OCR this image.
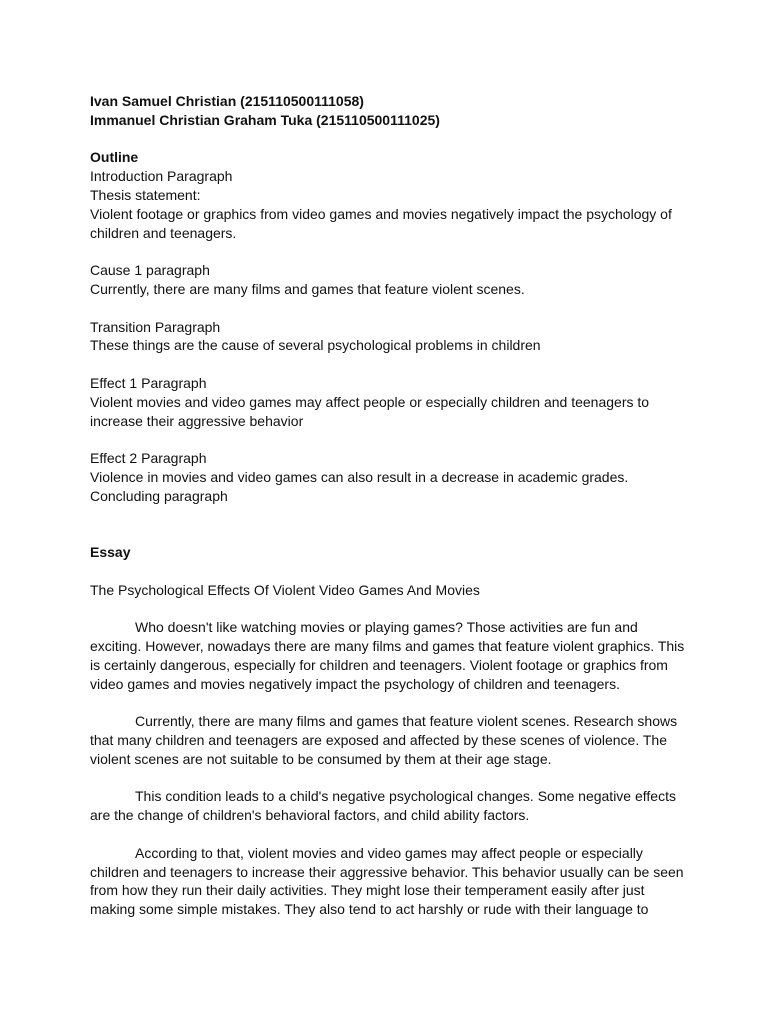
Ivan Samuel Christian (215110500111058)
Immanuel Christian Graham Tuka (215110500111025)
Outline
Introduction Paragraph
Thesis statement:
Violent footage or graphics from video games and movies negatively impact the psychology of
children and teenagers.
Cause 1 paragraph
Currently, there are many films and games that feature violent scenes.
Transition Paragraph
These things are the cause of several psychological problems in children
Effect 1 Paragraph
Violent movies and video games may affect people or especially children and teenagers to
increase their aggressive behavior
Effect 2 Paragraph
Violence in movies and video games can also result in a decrease in academic grades.
Concluding paragraph
Essay
The Psychological Effects Of Violent Video Games And Movies
Who doesn't like watching movies or playing games? Those activities are fun and
exciting. However, nowadays there are many films and games that feature violent graphics. This
is certainly dangerous, especially for children and teenagers. Violent footage or graphics from
video games and movies negatively impact the psychology of children and teenagers.
Currently, there are many films and games that feature violent scenes. Research shows
that many children and teenagers are exposed and affected by these scenes of violence. The
violent scenes are not suitable to be consumed by them at their age stage.
This condition leads to a child's negative psychological changes. Some negative effects
are the change of children's behavioral factors, and child ability factors.
According to that, violent movies and video games may affect people or especially
children and teenagers to increase their aggressive behavior. This behavior usually can be seen
from how they run their daily activities. They might lose their temperament easily after just
making some simple mistakes. They also tend to act harshly or rude with their language to
